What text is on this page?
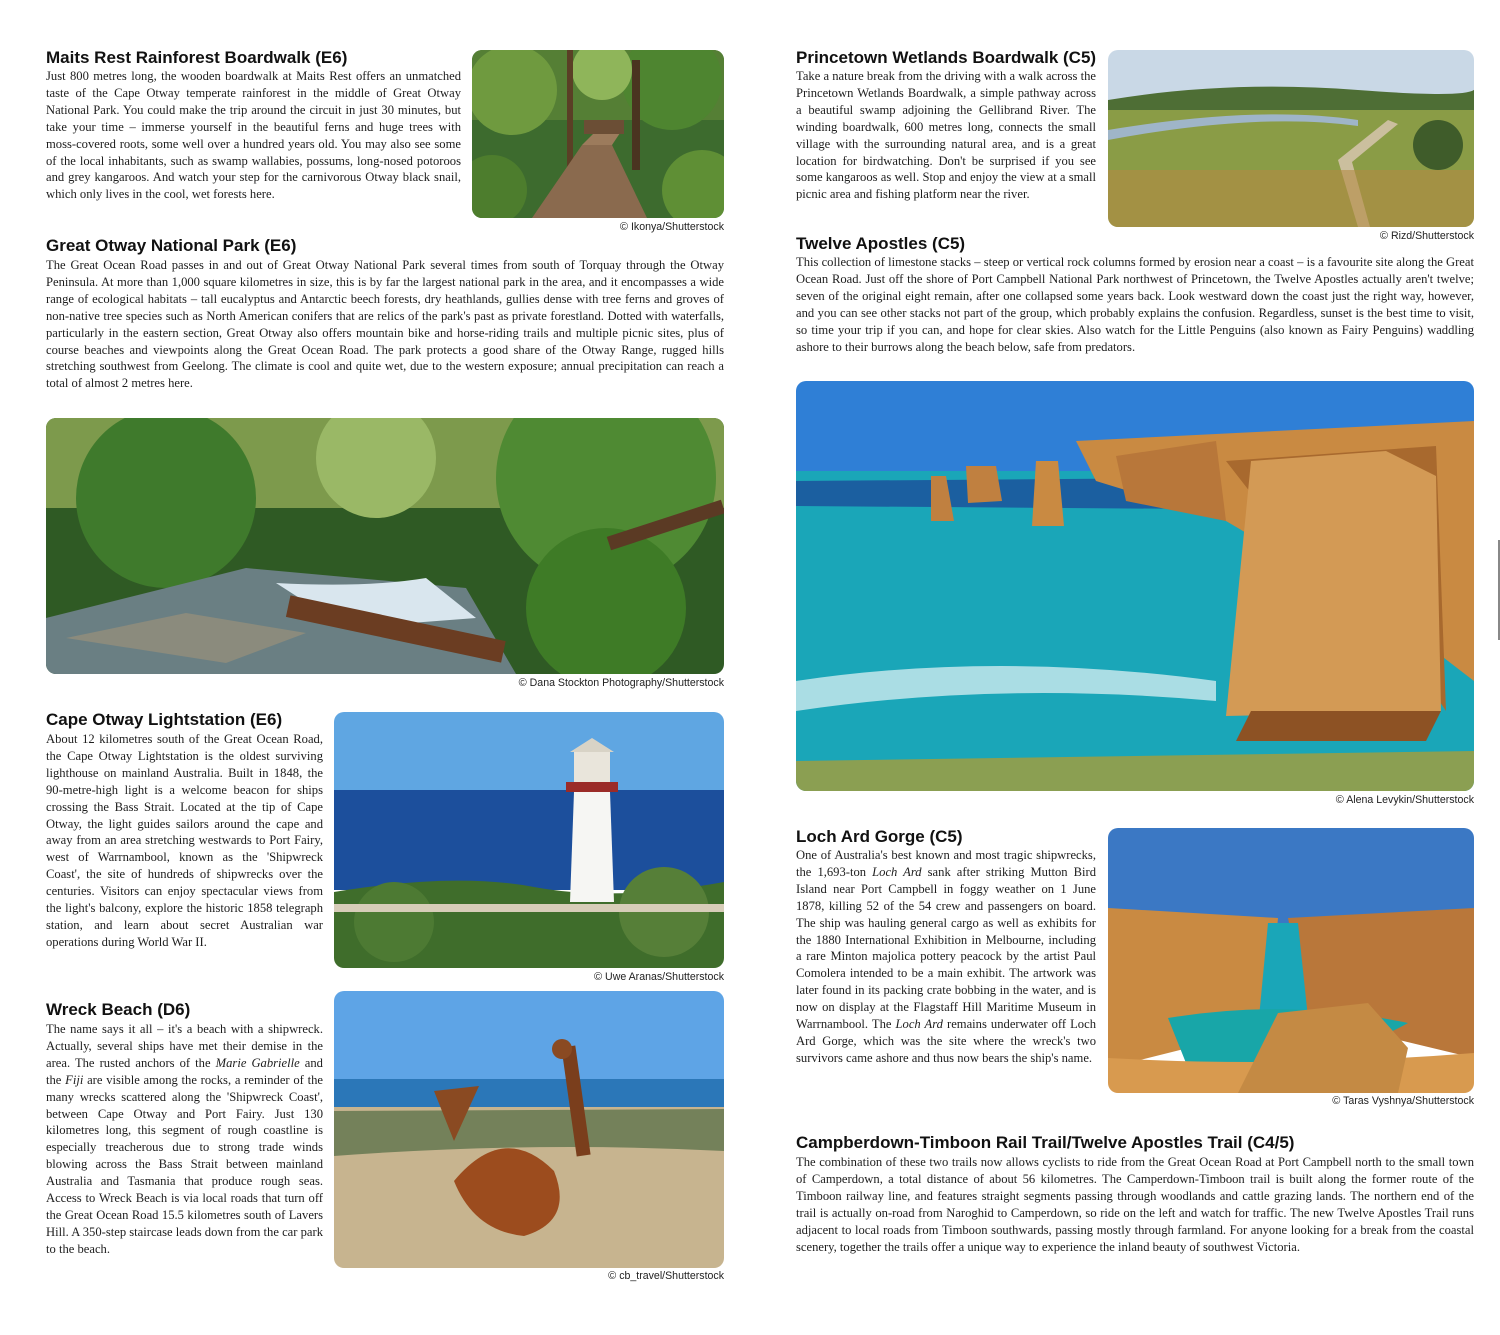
Maits Rest Rainforest Boardwalk (E6)

Just 800 metres long, the wooden boardwalk at Maits Rest offers an unmatched taste of the Cape Otway temperate rainforest in the middle of Great Otway National Park. You could make the trip around the circuit in just 30 minutes, but take your time – immerse yourself in the beautiful ferns and huge trees with moss-covered roots, some well over a hundred years old. You may also see some of the local inhabitants, such as swamp wallabies, possums, long-nosed potoroos and grey kangaroos. And watch your step for the carnivorous Otway black snail, which only lives in the cool, wet forests here.

© Ikonya/Shutterstock
Great Otway National Park (E6)

The Great Ocean Road passes in and out of Great Otway National Park several times from south of Torquay through the Otway Peninsula. At more than 1,000 square kilometres in size, this is by far the largest national park in the area, and it encompasses a wide range of ecological habitats – tall eucalyptus and Antarctic beech forests, dry heathlands, gullies dense with tree ferns and groves of non-native tree species such as North American conifers that are relics of the park's past as private forestland. Dotted with waterfalls, particularly in the eastern section, Great Otway also offers mountain bike and horse-riding trails and multiple picnic sites, plus of course beaches and viewpoints along the Great Ocean Road. The park protects a good share of the Otway Range, rugged hills stretching southwest from Geelong. The climate is cool and quite wet, due to the western exposure; annual precipitation can reach a total of almost 2 metres here.

© Dana Stockton Photography/Shutterstock
Cape Otway Lightstation (E6)

About 12 kilometres south of the Great Ocean Road, the Cape Otway Lightstation is the oldest surviving lighthouse on mainland Australia. Built in 1848, the 90-metre-high light is a welcome beacon for ships crossing the Bass Strait. Located at the tip of Cape Otway, the light guides sailors around the cape and away from an area stretching westwards to Port Fairy, west of Warrnambool, known as the 'Shipwreck Coast', the site of hundreds of shipwrecks over the centuries. Visitors can enjoy spectacular views from the light's balcony, explore the historic 1858 telegraph station, and learn about secret Australian war operations during World War II.

© Uwe Aranas/Shutterstock
Wreck Beach (D6)

The name says it all – it's a beach with a shipwreck. Actually, several ships have met their demise in the area. The rusted anchors of the Marie Gabrielle and the Fiji are visible among the rocks, a reminder of the many wrecks scattered along the 'Shipwreck Coast', between Cape Otway and Port Fairy. Just 130 kilometres long, this segment of rough coastline is especially treacherous due to strong trade winds blowing across the Bass Strait between mainland Australia and Tasmania that produce rough seas. Access to Wreck Beach is via local roads that turn off the Great Ocean Road 15.5 kilometres south of Lavers Hill. A 350-step staircase leads down from the car park to the beach.

© cb_travel/Shutterstock
Princetown Wetlands Boardwalk (C5)

Take a nature break from the driving with a walk across the Princetown Wetlands Boardwalk, a simple pathway across a beautiful swamp adjoining the Gellibrand River. The winding boardwalk, 600 metres long, connects the small village with the surrounding natural area, and is a great location for birdwatching. Don't be surprised if you see some kangaroos as well. Stop and enjoy the view at a small picnic area and fishing platform near the river.

© Rizd/Shutterstock
Twelve Apostles (C5)

This collection of limestone stacks – steep or vertical rock columns formed by erosion near a coast – is a favourite site along the Great Ocean Road. Just off the shore of Port Campbell National Park northwest of Princetown, the Twelve Apostles actually aren't twelve; seven of the original eight remain, after one collapsed some years back. Look westward down the coast just the right way, however, and you can see other stacks not part of the group, which probably explains the confusion. Regardless, sunset is the best time to visit, so time your trip if you can, and hope for clear skies. Also watch for the Little Penguins (also known as Fairy Penguins) waddling ashore to their burrows along the beach below, safe from predators.

© Alena Levykin/Shutterstock
Loch Ard Gorge (C5)

One of Australia's best known and most tragic shipwrecks, the 1,693-ton Loch Ard sank after striking Mutton Bird Island near Port Campbell in foggy weather on 1 June 1878, killing 52 of the 54 crew and passengers on board. The ship was hauling general cargo as well as exhibits for the 1880 International Exhibition in Melbourne, including a rare Minton majolica pottery peacock by the artist Paul Comolera intended to be a main exhibit. The artwork was later found in its packing crate bobbing in the water, and is now on display at the Flagstaff Hill Maritime Museum in Warrnambool. The Loch Ard remains underwater off Loch Ard Gorge, which was the site where the wreck's two survivors came ashore and thus now bears the ship's name.

© Taras Vyshnya/Shutterstock
Campberdown-Timboon Rail Trail/Twelve Apostles Trail (C4/5)

The combination of these two trails now allows cyclists to ride from the Great Ocean Road at Port Campbell north to the small town of Camperdown, a total distance of about 56 kilometres. The Camperdown-Timboon trail is built along the former route of the Timboon railway line, and features straight segments passing through woodlands and cattle grazing lands. The northern end of the trail is actually on-road from Naroghid to Camperdown, so ride on the left and watch for traffic. The new Twelve Apostles Trail runs adjacent to local roads from Timboon southwards, passing mostly through farmland. For anyone looking for a break from the coastal scenery, together the trails offer a unique way to experience the inland beauty of southwest Victoria.
